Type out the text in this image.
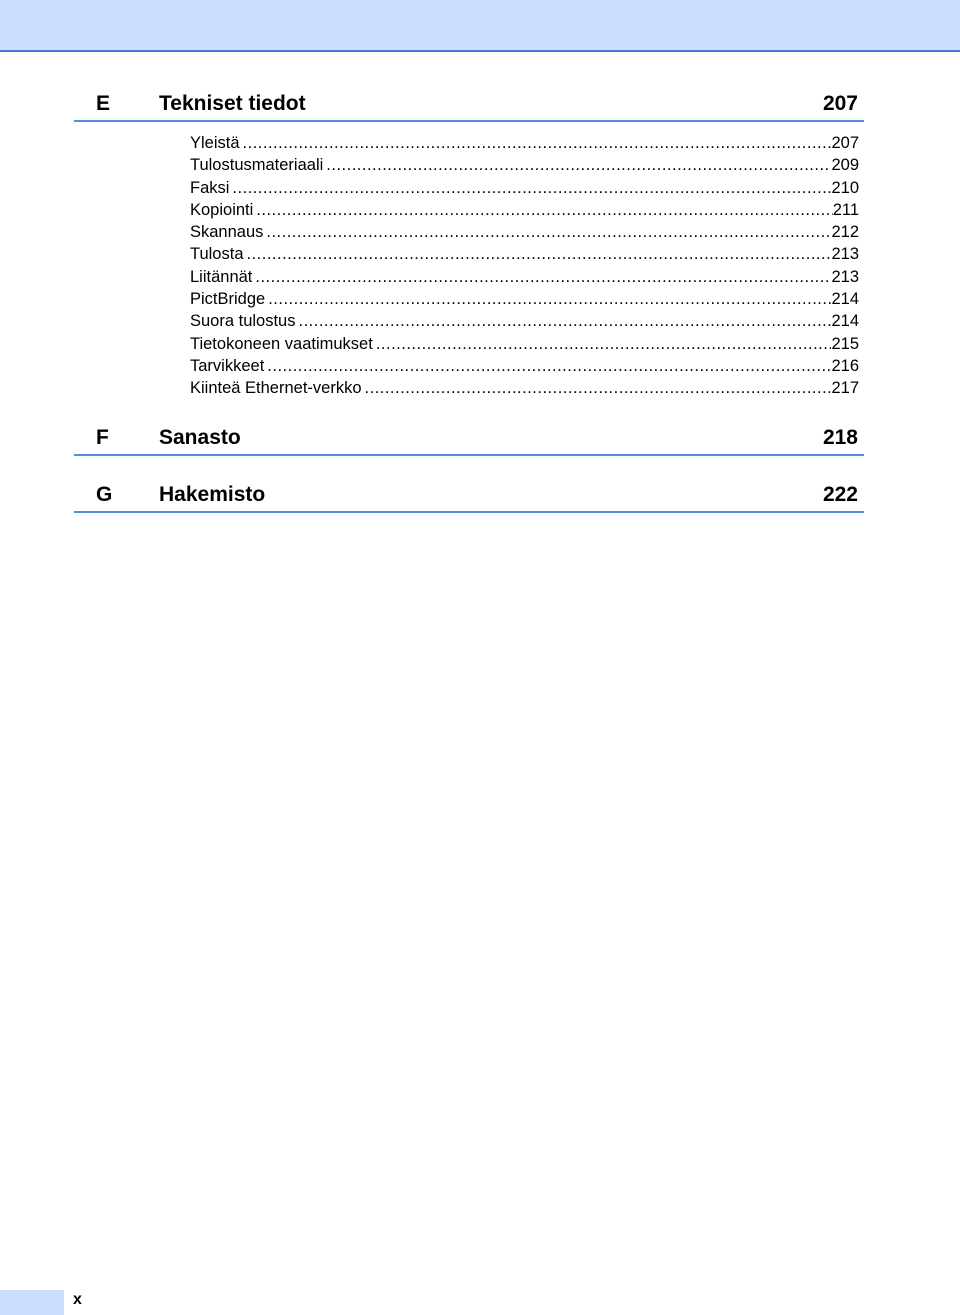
E Tekniset tiedot	207
Yleistä .....	207
Tulostusmateriaali .....	209
Faksi .....	210
Kopiointi .....	211
Skannaus .....	212
Tulosta .....	213
Liitännät .....	213
PictBridge .....	214
Suora tulostus .....	214
Tietokoneen vaatimukset .....	215
Tarvikkeet .....	216
Kiinteä Ethernet-verkko .....	217
F Sanasto	218
G Hakemisto	222
x
